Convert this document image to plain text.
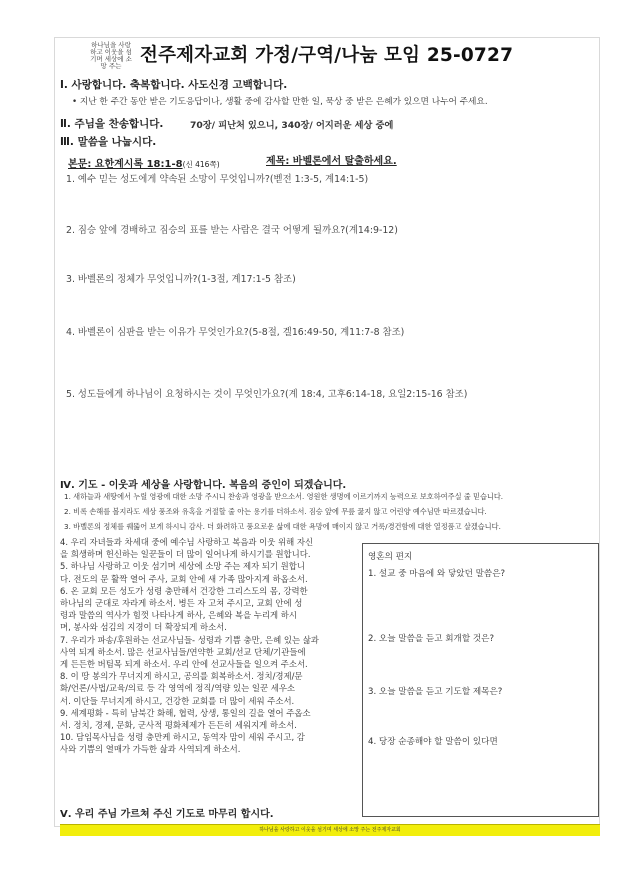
하나님을 사랑하고 이웃을 섬기며 세상에 소망 주는	전주제자교회 가정/구역/나눔 모임 25-0727
Ⅰ. 사랑합니다. 축복합니다. 사도신경 고백합니다.
• 지난 한 주간 동안 받은 기도응답이나, 생활 중에 감사할 만한 일, 묵상 중 받은 은혜가 있으면 나누어 주세요.
Ⅱ. 주님을 찬송합니다.	70장/ 피난처 있으니, 340장/ 어지러운 세상 중에
Ⅲ. 말씀을 나눕시다.
본문: 요한계시록 18:1-8(신 416쪽)	제목: 바벨론에서 탈출하세요.
1. 예수 믿는 성도에게 약속된 소망이 무엇입니까?(벧전 1:3-5, 계14:1-5)
2. 짐승 앞에 경배하고 짐승의 표를 받는 사람은 결국 어떻게 될까요?(계14:9-12)
3. 바벨론의 정체가 무엇입니까?(1-3절, 계17:1-5 참조)
4. 바벨론이 심판을 받는 이유가 무엇인가요?(5-8절, 겔16:49-50, 계11:7-8 참조)
5. 성도들에게 하나님이 요청하시는 것이 무엇인가요?(계 18:4, 고후6:14-18, 요일2:15-16 참조)
Ⅳ. 기도 - 이웃과 세상을 사랑합니다. 복음의 증인이 되겠습니다.
1. 새하늘과 새땅에서 누릴 영광에 대한 소망 주시니 찬송과 영광을 받으소서. 영원한 생명에 이르기까지 능력으로 보호하여주실 줄 믿습니다.
2. 비록 손해를 볼지라도 세상 풍조와 유혹을 거절할 줄 아는 용기를 더하소서. 짐승 앞에 무릎 꿇지 않고 어린양 예수님만 따르겠습니다.
3. 바벨론의 정체를 꿰뚫어 보게 하시니 감사. 더 화려하고 풍요로운 삶에 대한 욕망에 매이지 않고 거룩/경건함에 대한 열정품고 살겠습니다.
4. 우리 자녀들과 차세대 중에 예수님 사랑하고 복음과 이웃 위해 자신
을 희생하며 헌신하는 일꾼들이 더 많이 일어나게 하시기를 원합니다.
5. 하나님 사랑하고 이웃 섬기며 세상에 소망 주는 제자 되기 원합니
다. 전도의 문 활짝 열어 주사, 교회 안에 새 가족 많아지게 하옵소서.
6. 온 교회 모든 성도가 성령 충만해서 건강한 그리스도의 몸, 강력한
하나님의 군대로 자라게 하소서. 병든 자 고쳐 주시고, 교회 안에 성
령과 말씀의 역사가 힘껏 나타나게 하사, 은혜와 복을 누리게 하시
며, 봉사와 섬김의 지경이 더 확장되게 하소서.
7. 우리가 파송/후원하는 선교사님들- 성령과 기쁨 충만, 은혜 있는 삶과
사역 되게 하소서. 많은 선교사님들/연약한 교회/선교 단체/기관들에
게 든든한 버팀목 되게 하소서. 우리 안에 선교사들을 일으켜 주소서.
8. 이 땅 봉의가 무너지게 하시고, 공의를 회복하소서. 정치/경제/문
화/언론/사법/교육/의료 등 각 영역에 정직/역량 있는 일꾼 세우소
서. 이단들 무너지게 하시고, 건강한 교회를 더 많이 세워 주소서.
9. 세계평화 - 특히 남북간 화해, 협력, 상생, 통일의 길을 열어 주옵소
서. 정치, 경제, 문화, 군사적 평화체제가 든든히 세워지게 하소서.
10. 담임목사님을 성령 충만케 하시고, 동역자 맘이 세워 주시고, 감
사와 기쁨의 열매가 가득한 삶과 사역되게 하소서.
Ⅴ. 우리 주님 가르쳐 주신 기도로 마무리 합시다.
영혼의 편지
1. 설교 중 마음에 와 닿았던 말씀은?
2. 오늘 말씀을 듣고 회개할 것은?
3. 오늘 말씀을 듣고 기도할 제목은?
4. 당장 순종해야 할 말씀이 있다면
하나님을 사랑하고 이웃을 섬기며 세상에 소망 주는 전주제자교회
